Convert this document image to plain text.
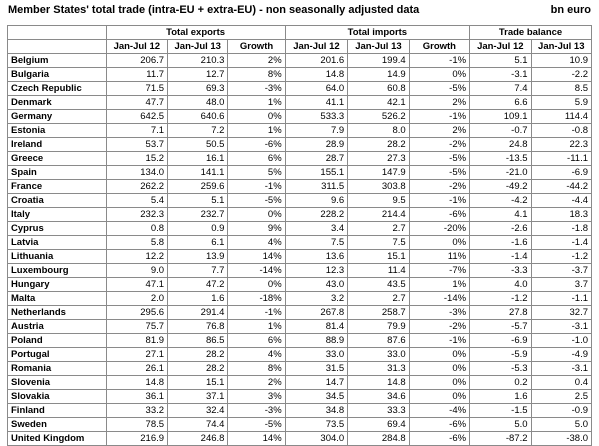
Member States' total trade (intra-EU + extra-EU) - non seasonally adjusted data	bn euro
	Total exports			Total imports			Trade balance	
	Jan-Jul 12	Jan-Jul 13	Growth	Jan-Jul 12	Jan-Jul 13	Growth	Jan-Jul 12	Jan-Jul 13
Belgium	206.7	210.3	2%	201.6	199.4	-1%	5.1	10.9
Bulgaria	11.7	12.7	8%	14.8	14.9	0%	-3.1	-2.2
Czech Republic	71.5	69.3	-3%	64.0	60.8	-5%	7.4	8.5
Denmark	47.7	48.0	1%	41.1	42.1	2%	6.6	5.9
Germany	642.5	640.6	0%	533.3	526.2	-1%	109.1	114.4
Estonia	7.1	7.2	1%	7.9	8.0	2%	-0.7	-0.8
Ireland	53.7	50.5	-6%	28.9	28.2	-2%	24.8	22.3
Greece	15.2	16.1	6%	28.7	27.3	-5%	-13.5	-11.1
Spain	134.0	141.1	5%	155.1	147.9	-5%	-21.0	-6.9
France	262.2	259.6	-1%	311.5	303.8	-2%	-49.2	-44.2
Croatia	5.4	5.1	-5%	9.6	9.5	-1%	-4.2	-4.4
Italy	232.3	232.7	0%	228.2	214.4	-6%	4.1	18.3
Cyprus	0.8	0.9	9%	3.4	2.7	-20%	-2.6	-1.8
Latvia	5.8	6.1	4%	7.5	7.5	0%	-1.6	-1.4
Lithuania	12.2	13.9	14%	13.6	15.1	11%	-1.4	-1.2
Luxembourg	9.0	7.7	-14%	12.3	11.4	-7%	-3.3	-3.7
Hungary	47.1	47.2	0%	43.0	43.5	1%	4.0	3.7
Malta	2.0	1.6	-18%	3.2	2.7	-14%	-1.2	-1.1
Netherlands	295.6	291.4	-1%	267.8	258.7	-3%	27.8	32.7
Austria	75.7	76.8	1%	81.4	79.9	-2%	-5.7	-3.1
Poland	81.9	86.5	6%	88.9	87.6	-1%	-6.9	-1.0
Portugal	27.1	28.2	4%	33.0	33.0	0%	-5.9	-4.9
Romania	26.1	28.2	8%	31.5	31.3	0%	-5.3	-3.1
Slovenia	14.8	15.1	2%	14.7	14.8	0%	0.2	0.4
Slovakia	36.1	37.1	3%	34.5	34.6	0%	1.6	2.5
Finland	33.2	32.4	-3%	34.8	33.3	-4%	-1.5	-0.9
Sweden	78.5	74.4	-5%	73.5	69.4	-6%	5.0	5.0
United Kingdom	216.9	246.8	14%	304.0	284.8	-6%	-87.2	-38.0
